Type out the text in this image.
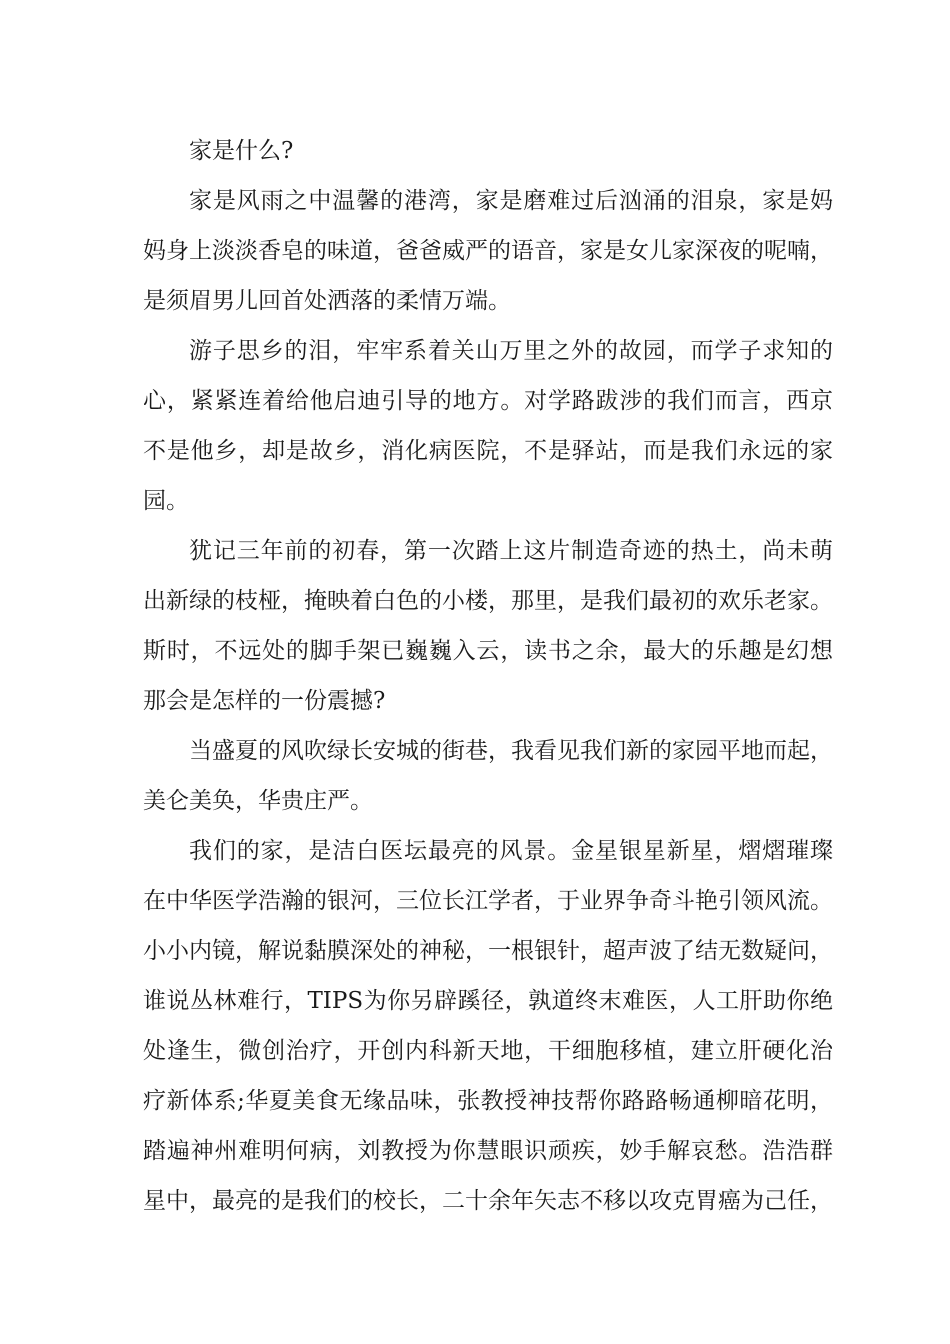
家是什么?
家是风雨之中温馨的港湾，家是磨难过后汹涌的泪泉，家是妈
妈身上淡淡香皂的味道，爸爸威严的语音，家是女儿家深夜的呢喃，
是须眉男儿回首处洒落的柔情万端。
游子思乡的泪，牢牢系着关山万里之外的故园，而学子求知的
心，紧紧连着给他启迪引导的地方。对学路跋涉的我们而言，西京
不是他乡，却是故乡，消化病医院，不是驿站，而是我们永远的家
园。
犹记三年前的初春，第一次踏上这片制造奇迹的热土，尚未萌
出新绿的枝桠，掩映着白色的小楼，那里，是我们最初的欢乐老家。
斯时，不远处的脚手架已巍巍入云，读书之余，最大的乐趣是幻想
那会是怎样的一份震撼?
当盛夏的风吹绿长安城的街巷，我看见我们新的家园平地而起，
美仑美奂，华贵庄严。
我们的家，是洁白医坛最亮的风景。金星银星新星，熠熠璀璨
在中华医学浩瀚的银河，三位长江学者，于业界争奇斗艳引领风流。
小小内镜，解说黏膜深处的神秘，一根银针，超声波了结无数疑问，
谁说丛林难行，TIPS为你另辟蹊径，孰道终末难医，人工肝助你绝
处逢生，微创治疗，开创内科新天地，干细胞移植，建立肝硬化治
疗新体系;华夏美食无缘品味，张教授神技帮你路路畅通柳暗花明，
踏遍神州难明何病，刘教授为你慧眼识顽疾，妙手解哀愁。浩浩群
星中，最亮的是我们的校长，二十余年矢志不移以攻克胃癌为己任，
